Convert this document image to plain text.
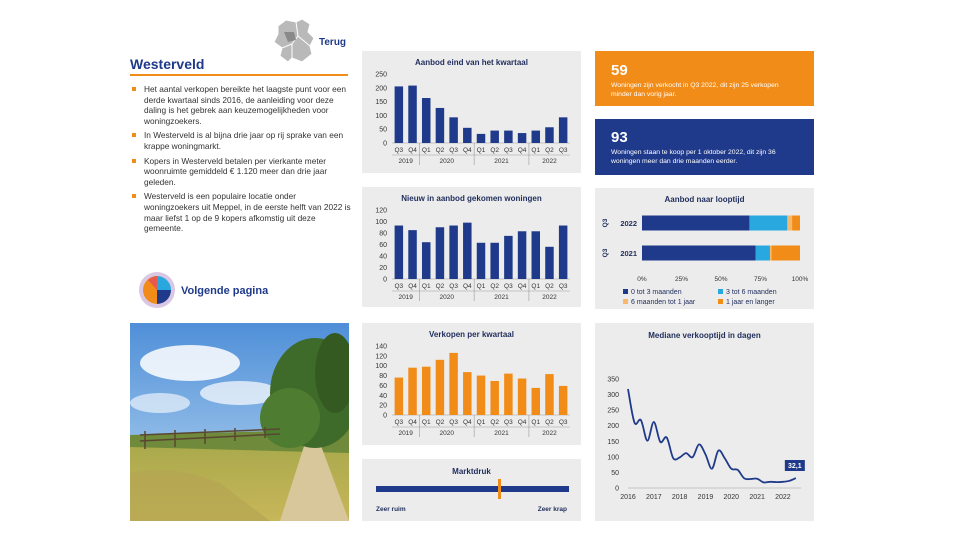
Terug
Westerveld
Het aantal verkopen bereikte het laagste punt voor een derde kwartaal sinds 2016, de aanleiding voor deze daling is het gebrek aan keuzemogelijkheden voor woningzoekers.
In Westerveld is al bijna drie jaar op rij sprake van een krappe woningmarkt.
Kopers in Westerveld betalen per vierkante meter woonruimte gemiddeld € 1.120 meer dan drie jaar geleden.
Westerveld is een populaire locatie onder woningzoekers uit Meppel, in de eerste helft van 2022 is maar liefst 1 op de 9 kopers afkomstig uit deze gemeente.
Volgende pagina
Aanbod eind van het kwartaal
0
50
100
150
200
250
Q3 Q4 Q1 Q2 Q3 Q4 Q1 Q2 Q3 Q4 Q1 Q2 Q3
2019	2020	2021	2022
Nieuw in aanbod gekomen woningen
0
20
40
60
80
100
120
Q3 Q4 Q1 Q2 Q3 Q4 Q1 Q2 Q3 Q4 Q1 Q2 Q3
2019	2020	2021	2022
Verkopen per kwartaal
0
20
40
60
80
100
120
140
Q3 Q4 Q1 Q2 Q3 Q4 Q1 Q2 Q3 Q4 Q1 Q2 Q3
2019	2020	2021	2022
Marktdruk
Zeer ruim	Zeer krap
59
Woningen zijn verkocht in Q3 2022, dit zijn 25 verkopen minder dan vorig jaar.
93
Woningen staan te koop per 1 oktober 2022, dit zijn 36 woningen meer dan drie maanden eerder.
Aanbod naar looptijd
2022
Q3
2021
Q3
0%	25%	50%	75%	100%
0 tot 3 maanden	3 tot 6 maanden
6 maanden tot 1 jaar	1 jaar en langer
Mediane verkooptijd in dagen
0
50
100
150
200
250
300
350
2016 2017 2018 2019 2020 2021 2022
32,1
